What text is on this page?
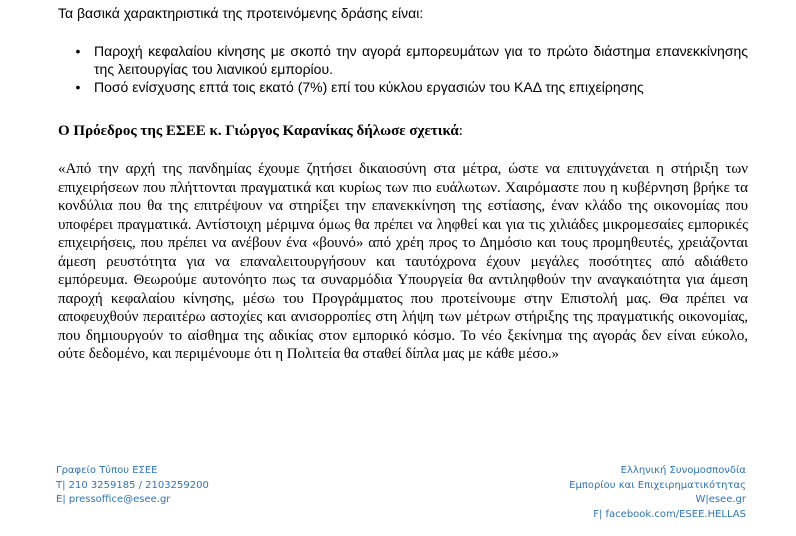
Τα βασικά χαρακτηριστικά της προτεινόμενης δράσης είναι:

• Παροχή κεφαλαίου κίνησης με σκοπό την αγορά εμπορευμάτων για το πρώτο διάστημα επανεκκίνησης της λειτουργίας του λιανικού εμπορίου.
• Ποσό ενίσχυσης επτά τοις εκατό (7%) επί του κύκλου εργασιών του ΚΑΔ της επιχείρησης

Ο Πρόεδρος της ΕΣΕΕ κ. Γιώργος Καρανίκας δήλωσε σχετικά:

«Από την αρχή της πανδημίας έχουμε ζητήσει δικαιοσύνη στα μέτρα, ώστε να επιτυγχάνεται η στήριξη των επιχειρήσεων που πλήττονται πραγματικά και κυρίως των πιο ευάλωτων. Χαιρόμαστε που η κυβέρνηση βρήκε τα κονδύλια που θα της επιτρέψουν να στηρίξει την επανεκκίνηση της εστίασης, έναν κλάδο της οικονομίας που υποφέρει πραγματικά. Αντίστοιχη μέριμνα όμως θα πρέπει να ληφθεί και για τις χιλιάδες μικρομεσαίες εμπορικές επιχειρήσεις, που πρέπει να ανέβουν ένα «βουνό» από χρέη προς το Δημόσιο και τους προμηθευτές, χρειάζονται άμεση ρευστότητα για να επαναλειτουργήσουν και ταυτόχρονα έχουν μεγάλες ποσότητες από αδιάθετο εμπόρευμα. Θεωρούμε αυτονόητο πως τα συναρμόδια Υπουργεία θα αντιληφθούν την αναγκαιότητα για άμεση παροχή κεφαλαίου κίνησης, μέσω του Προγράμματος που προτείνουμε στην Επιστολή μας. Θα πρέπει να αποφευχθούν περαιτέρω αστοχίες και ανισορροπίες στη λήψη των μέτρων στήριξης της πραγματικής οικονομίας, που δημιουργούν το αίσθημα της αδικίας στον εμπορικό κόσμο. Το νέο ξεκίνημα της αγοράς δεν είναι εύκολο, ούτε δεδομένο, και περιμένουμε ότι η Πολιτεία θα σταθεί δίπλα μας με κάθε μέσο.»

Γραφείο Τύπου ΕΣΕΕ
T| 210 3259185 / 2103259200
E| pressoffice@esee.gr
Ελληνική Συνομοσπονδία
Εμπορίου και Επιχειρηματικότητας
W|esee.gr
F| facebook.com/ESEE.HELLAS
